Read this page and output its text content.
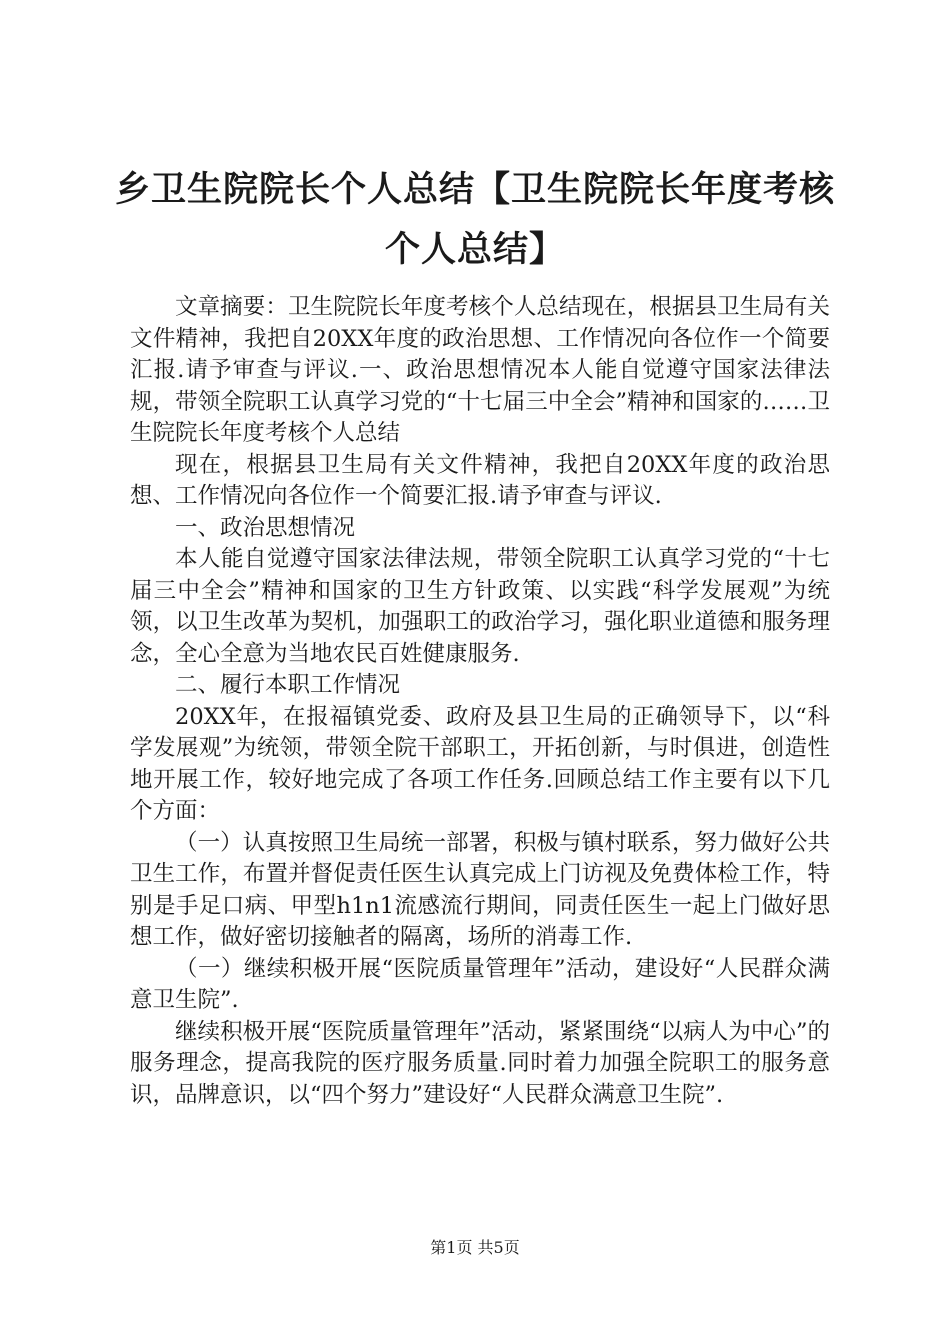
乡卫生院院长个人总结【卫生院院长年度考核个人总结】

文章摘要：卫生院院长年度考核个人总结现在，根据县卫生局有关文件精神，我把自20XX年度的政治思想、工作情况向各位作一个简要汇报.请予审查与评议.一、政治思想情况本人能自觉遵守国家法律法规，带领全院职工认真学习党的“十七届三中全会”精神和国家的……卫生院院长年度考核个人总结

现在，根据县卫生局有关文件精神，我把自20XX年度的政治思想、工作情况向各位作一个简要汇报.请予审查与评议.

一、政治思想情况

本人能自觉遵守国家法律法规，带领全院职工认真学习党的“十七届三中全会”精神和国家的卫生方针政策、以实践“科学发展观”为统领，以卫生改革为契机，加强职工的政治学习，强化职业道德和服务理念，全心全意为当地农民百姓健康服务.

二、履行本职工作情况

20XX年，在报福镇党委、政府及县卫生局的正确领导下，以“科学发展观”为统领，带领全院干部职工，开拓创新，与时俱进，创造性地开展工作，较好地完成了各项工作任务.回顾总结工作主要有以下几个方面：

（一）认真按照卫生局统一部署，积极与镇村联系，努力做好公共卫生工作，布置并督促责任医生认真完成上门访视及免费体检工作，特别是手足口病、甲型h1n1流感流行期间，同责任医生一起上门做好思想工作，做好密切接触者的隔离，场所的消毒工作.

（一）继续积极开展“医院质量管理年”活动，建设好“人民群众满意卫生院”.

继续积极开展“医院质量管理年”活动，紧紧围绕“以病人为中心”的服务理念，提高我院的医疗服务质量.同时着力加强全院职工的服务意识，品牌意识，以“四个努力”建设好“人民群众满意卫生院”.

第1页 共5页
